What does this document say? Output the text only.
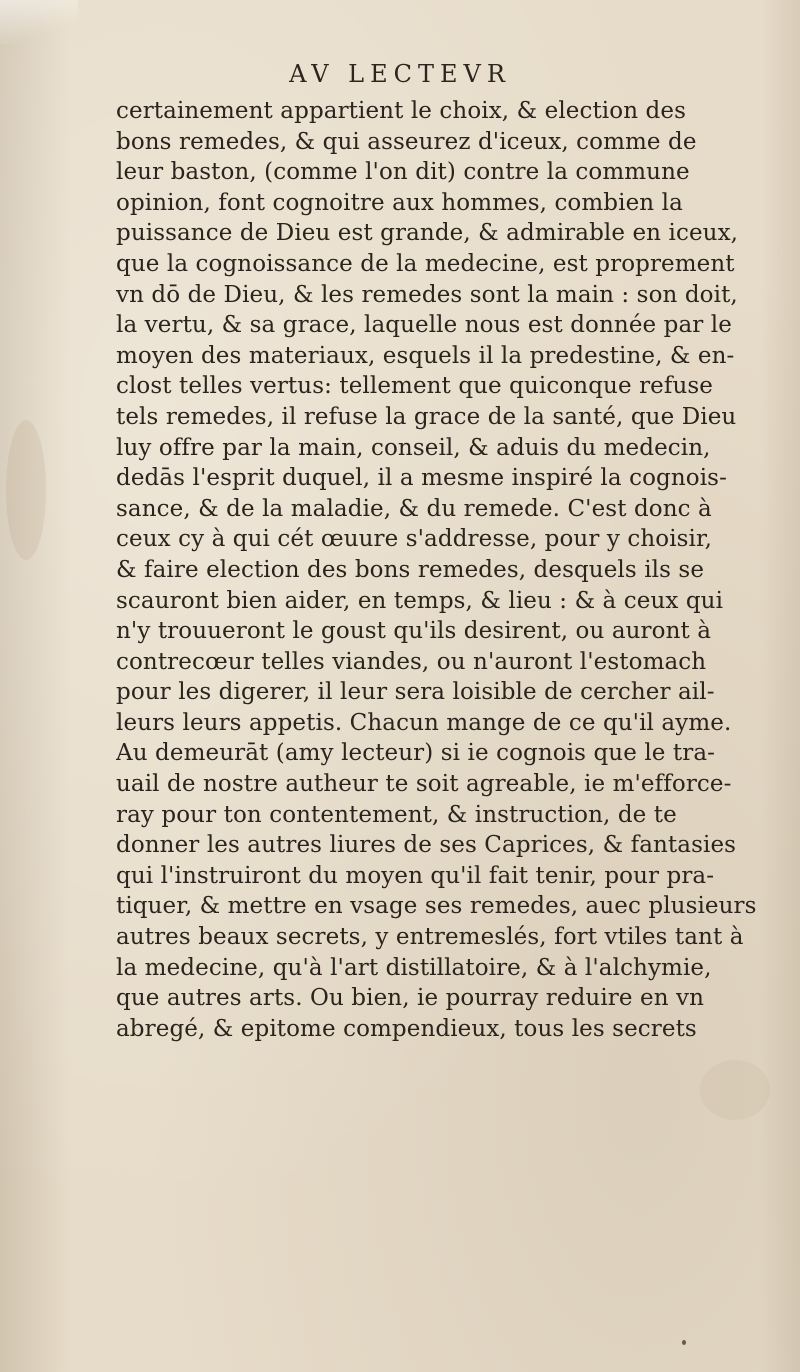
AV LECTEVR
certainement appartient le choix, & election des
bons remedes, & qui asseurez d'iceux, comme de
leur baston, (comme l'on dit) contre la commune
opinion, font cognoitre aux hommes, combien la
puissance de Dieu est grande, & admirable en iceux,
que la cognoissance de la medecine, est proprement
vn dō de Dieu, & les remedes sont la main : son doit,
la vertu, & sa grace, laquelle nous est donnée par le
moyen des materiaux, esquels il la predestine, & en-
clost telles vertus: tellement que quiconque refuse
tels remedes, il refuse la grace de la santé, que Dieu
luy offre par la main, conseil, & aduis du medecin,
dedās l'esprit duquel, il a mesme inspiré la cognois-
sance, & de la maladie, & du remede. C'est donc à
ceux cy à qui cét œuure s'addresse, pour y choisir,
& faire election des bons remedes, desquels ils se
scauront bien aider, en temps, & lieu : & à ceux qui
n'y trouueront le goust qu'ils desirent, ou auront à
contrecœur telles viandes, ou n'auront l'estomach
pour les digerer, il leur sera loisible de cercher ail-
leurs leurs appetis. Chacun mange de ce qu'il ayme.
Au demeurāt (amy lecteur) si ie cognois que le tra-
uail de nostre autheur te soit agreable, ie m'efforce-
ray pour ton contentement, & instruction, de te
donner les autres liures de ses Caprices, & fantasies
qui l'instruiront du moyen qu'il fait tenir, pour pra-
tiquer, & mettre en vsage ses remedes, auec plusieurs
autres beaux secrets, y entremeslés, fort vtiles tant à
la medecine, qu'à l'art distillatoire, & à l'alchymie,
que autres arts. Ou bien, ie pourray reduire en vn
abregé, & epitome compendieux, tous les secrets
